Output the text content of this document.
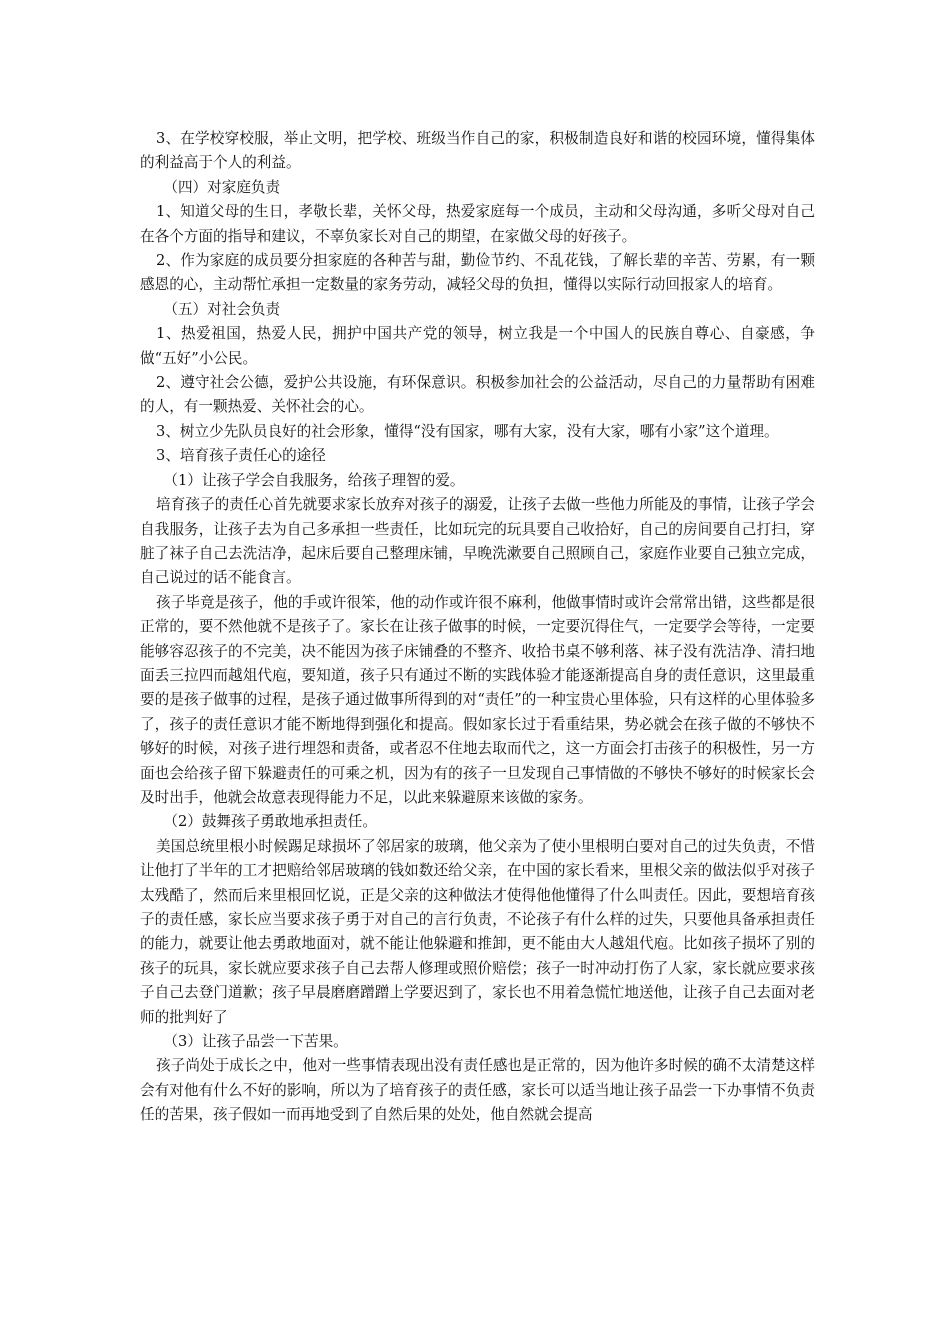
3、在学校穿校服，举止文明，把学校、班级当作自己的家，积极制造良好和谐的校园环境，懂得集体的利益高于个人的利益。

（四）对家庭负责

1、知道父母的生日，孝敬长辈，关怀父母，热爱家庭每一个成员，主动和父母沟通，多听父母对自己在各个方面的指导和建议，不辜负家长对自己的期望，在家做父母的好孩子。

2、作为家庭的成员要分担家庭的各种苦与甜，勤俭节约、不乱花钱，了解长辈的辛苦、劳累，有一颗感恩的心，主动帮忙承担一定数量的家务劳动，减轻父母的负担，懂得以实际行动回报家人的培育。

（五）对社会负责

1、热爱祖国，热爱人民，拥护中国共产党的领导，树立我是一个中国人的民族自尊心、自豪感，争做“五好”小公民。

2、遵守社会公德，爱护公共设施，有环保意识。积极参加社会的公益活动，尽自己的力量帮助有困难的人，有一颗热爱、关怀社会的心。

3、树立少先队员良好的社会形象，懂得“没有国家，哪有大家，没有大家，哪有小家”这个道理。

3、培育孩子责任心的途径

（1）让孩子学会自我服务，给孩子理智的爱。

培育孩子的责任心首先就要求家长放弃对孩子的溺爱，让孩子去做一些他力所能及的事情，让孩子学会自我服务，让孩子去为自己多承担一些责任，比如玩完的玩具要自己收拾好，自己的房间要自己打扫，穿脏了袜子自己去洗洁净，起床后要自己整理床铺，早晚洗漱要自己照顾自己，家庭作业要自己独立完成，自己说过的话不能食言。

孩子毕竟是孩子，他的手或许很笨，他的动作或许很不麻利，他做事情时或许会常常出错，这些都是很正常的，要不然他就不是孩子了。家长在让孩子做事的时候，一定要沉得住气，一定要学会等待，一定要能够容忍孩子的不完美，决不能因为孩子床铺叠的不整齐、收拾书桌不够利落、袜子没有洗洁净、清扫地面丢三拉四而越俎代庖，要知道，孩子只有通过不断的实践体验才能逐渐提高自身的责任意识，这里最重要的是孩子做事的过程，是孩子通过做事所得到的对“责任”的一种宝贵心里体验，只有这样的心里体验多了，孩子的责任意识才能不断地得到强化和提高。假如家长过于看重结果，势必就会在孩子做的不够快不够好的时候，对孩子进行埋怨和责备，或者忍不住地去取而代之，这一方面会打击孩子的积极性，另一方面也会给孩子留下躲避责任的可乘之机，因为有的孩子一旦发现自己事情做的不够快不够好的时候家长会及时出手，他就会故意表现得能力不足，以此来躲避原来该做的家务。

（2）鼓舞孩子勇敢地承担责任。

美国总统里根小时候踢足球损坏了邻居家的玻璃，他父亲为了使小里根明白要对自己的过失负责，不惜让他打了半年的工才把赔给邻居玻璃的钱如数还给父亲，在中国的家长看来，里根父亲的做法似乎对孩子太残酷了，然而后来里根回忆说，正是父亲的这种做法才使得他他懂得了什么叫责任。因此，要想培育孩子的责任感，家长应当要求孩子勇于对自己的言行负责，不论孩子有什么样的过失，只要他具备承担责任的能力，就要让他去勇敢地面对，就不能让他躲避和推卸，更不能由大人越俎代庖。比如孩子损坏了别的孩子的玩具，家长就应要求孩子自己去帮人修理或照价赔偿；孩子一时冲动打伤了人家，家长就应要求孩子自己去登门道歉；孩子早晨磨磨蹭蹭上学要迟到了，家长也不用着急慌忙地送他，让孩子自己去面对老师的批判好了

（3）让孩子品尝一下苦果。

孩子尚处于成长之中，他对一些事情表现出没有责任感也是正常的，因为他许多时候的确不太清楚这样会有对他有什么不好的影响，所以为了培育孩子的责任感，家长可以适当地让孩子品尝一下办事情不负责任的苦果，孩子假如一而再地受到了自然后果的处处，他自然就会提高
